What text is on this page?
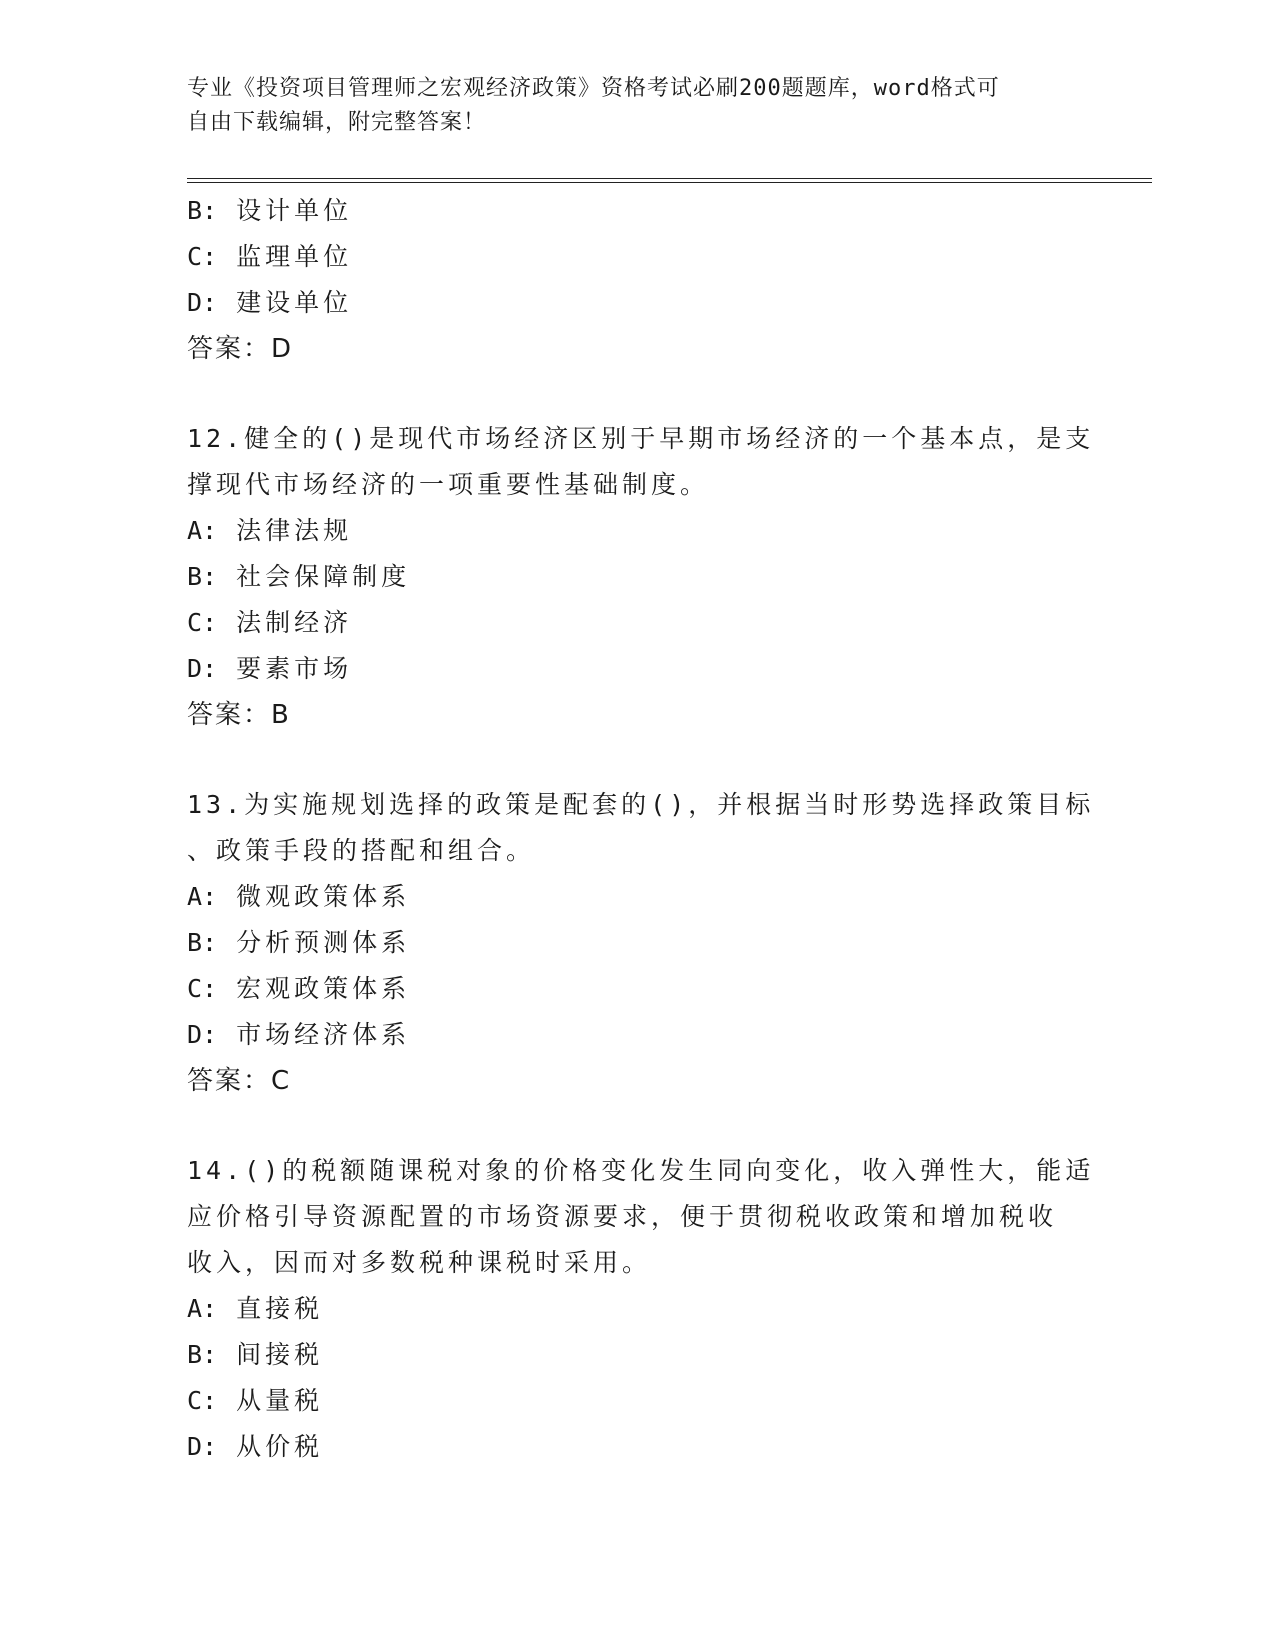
专业《投资项目管理师之宏观经济政策》资格考试必刷200题题库，word格式可
自由下载编辑，附完整答案！
B: 设计单位
C: 监理单位
D: 建设单位
答案：D
12.健全的()是现代市场经济区别于早期市场经济的一个基本点，是支
撑现代市场经济的一项重要性基础制度。
A: 法律法规
B: 社会保障制度
C: 法制经济
D: 要素市场
答案：B
13.为实施规划选择的政策是配套的()，并根据当时形势选择政策目标
、政策手段的搭配和组合。
A: 微观政策体系
B: 分析预测体系
C: 宏观政策体系
D: 市场经济体系
答案：C
14.()的税额随课税对象的价格变化发生同向变化，收入弹性大，能适
应价格引导资源配置的市场资源要求，便于贯彻税收政策和增加税收
收入，因而对多数税种课税时采用。
A: 直接税
B: 间接税
C: 从量税
D: 从价税
